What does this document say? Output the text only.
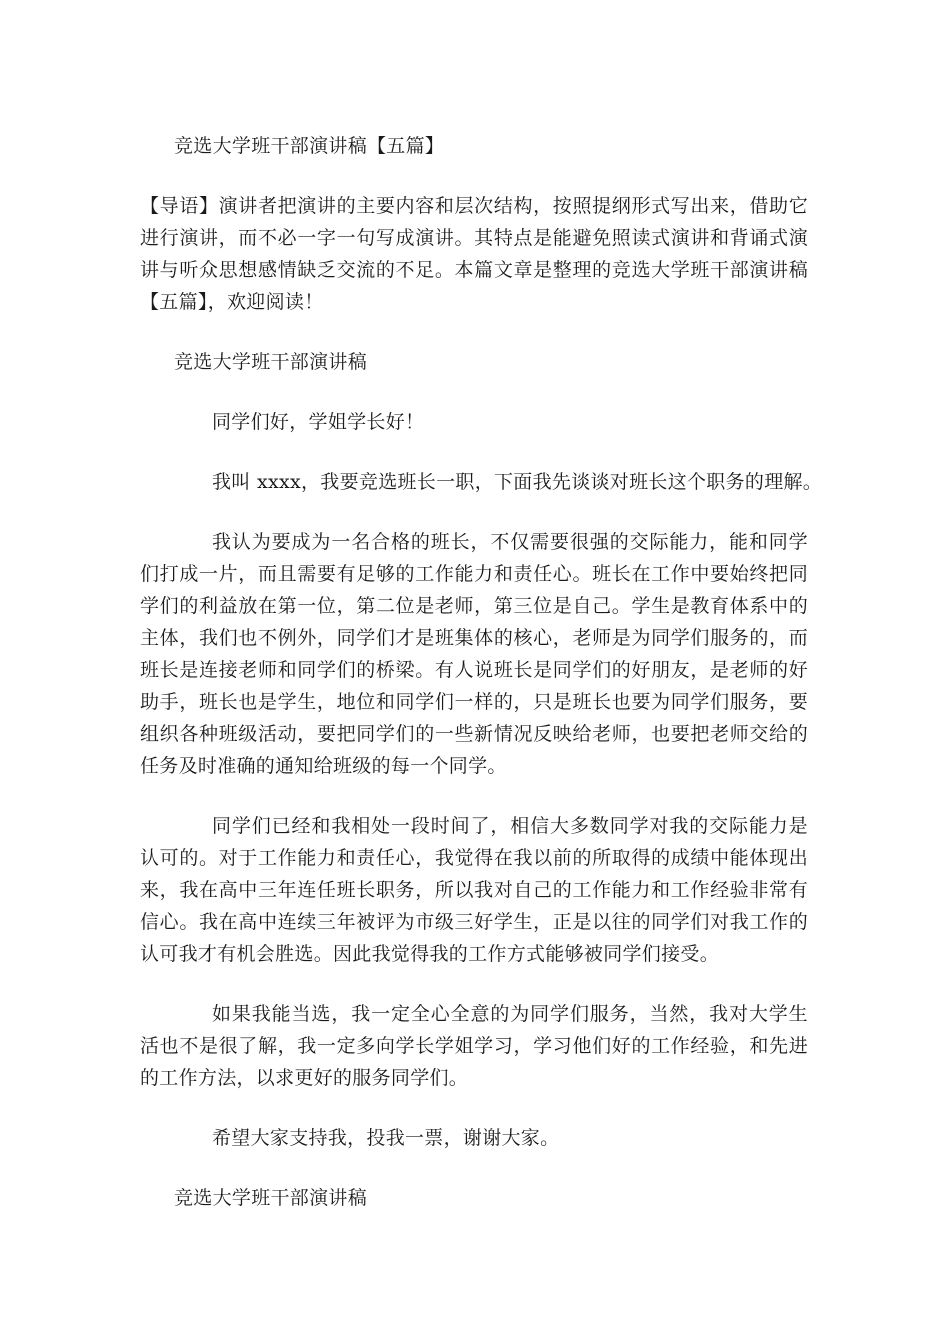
竞选大学班干部演讲稿【五篇】

【导语】演讲者把演讲的主要内容和层次结构，按照提纲形式写出来，借助它进行演讲，而不必一字一句写成演讲。其特点是能避免照读式演讲和背诵式演讲与听众思想感情缺乏交流的不足。本篇文章是整理的竞选大学班干部演讲稿【五篇】，欢迎阅读！

竞选大学班干部演讲稿

同学们好，学姐学长好！

我叫 xxxx，我要竞选班长一职，下面我先谈谈对班长这个职务的理解。

我认为要成为一名合格的班长，不仅需要很强的交际能力，能和同学们打成一片，而且需要有足够的工作能力和责任心。班长在工作中要始终把同学们的利益放在第一位，第二位是老师，第三位是自己。学生是教育体系中的主体，我们也不例外，同学们才是班集体的核心，老师是为同学们服务的，而班长是连接老师和同学们的桥梁。有人说班长是同学们的好朋友，是老师的好助手，班长也是学生，地位和同学们一样的，只是班长也要为同学们服务，要组织各种班级活动，要把同学们的一些新情况反映给老师，也要把老师交给的任务及时准确的通知给班级的每一个同学。

同学们已经和我相处一段时间了，相信大多数同学对我的交际能力是认可的。对于工作能力和责任心，我觉得在我以前的所取得的成绩中能体现出来，我在高中三年连任班长职务，所以我对自己的工作能力和工作经验非常有信心。我在高中连续三年被评为市级三好学生，正是以往的同学们对我工作的认可我才有机会胜选。因此我觉得我的工作方式能够被同学们接受。

如果我能当选，我一定全心全意的为同学们服务，当然，我对大学生活也不是很了解，我一定多向学长学姐学习，学习他们好的工作经验，和先进的工作方法，以求更好的服务同学们。

希望大家支持我，投我一票，谢谢大家。

竞选大学班干部演讲稿
